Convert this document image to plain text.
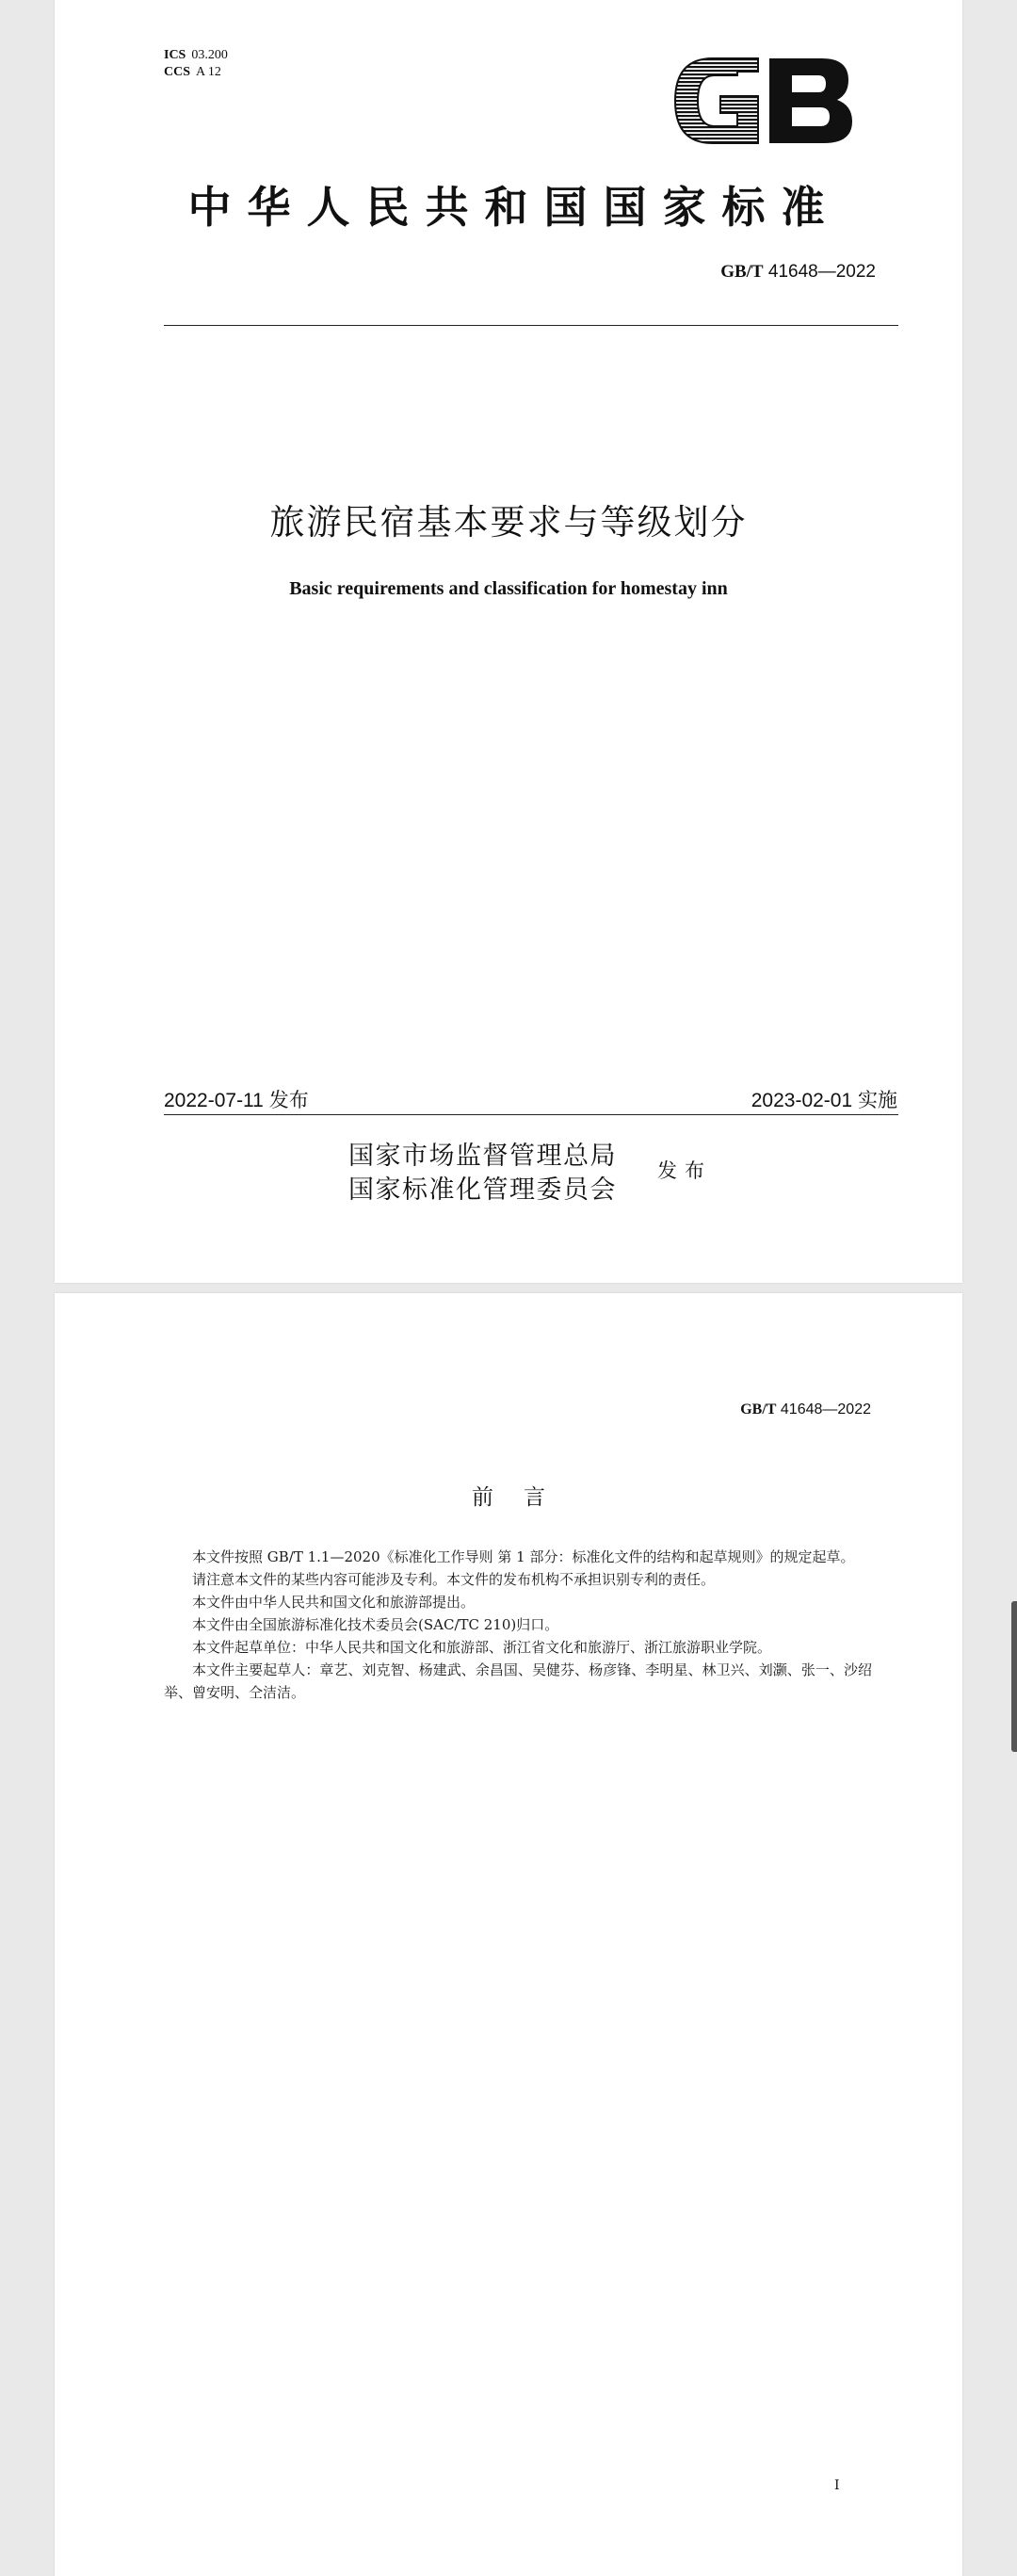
ICS 03.200
CCS A 12
中华人民共和国国家标准
GB/T 41648—2022
旅游民宿基本要求与等级划分
Basic requirements and classification for homestay inn
2022-07-11 发布	2023-02-01 实施
国家市场监督管理总局
国家标准化管理委员会
发布
GB/T 41648—2022
前言

本文件按照 GB/T 1.1—2020《标准化工作导则 第 1 部分：标准化文件的结构和起草规则》的规定起草。

请注意本文件的某些内容可能涉及专利。本文件的发布机构不承担识别专利的责任。

本文件由中华人民共和国文化和旅游部提出。

本文件由全国旅游标准化技术委员会(SAC/TC 210)归口。

本文件起草单位：中华人民共和国文化和旅游部、浙江省文化和旅游厅、浙江旅游职业学院。

本文件主要起草人：章艺、刘克智、杨建武、余昌国、吴健芬、杨彦锋、李明星、林卫兴、刘灏、张一、沙绍举、曾安明、仝洁洁。

I
